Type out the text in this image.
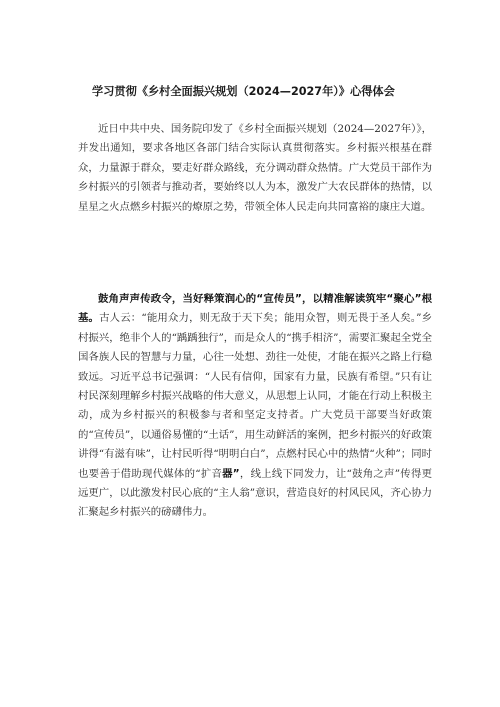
学习贯彻《乡村全面振兴规划（2024—2027年）》心得体会

近日中共中央、国务院印发了《乡村全面振兴规划（2024—2027年）》，并发出通知，要求各地区各部门结合实际认真贯彻落实。乡村振兴根基在群众，力量源于群众，要走好群众路线，充分调动群众热情。广大党员干部作为乡村振兴的引领者与推动者，要始终以人为本，激发广大农民群体的热情，以星星之火点燃乡村振兴的燎原之势，带领全体人民走向共同富裕的康庄大道。

鼓角声声传政令，当好释策润心的“宣传员”，以精准解读筑牢“聚心”根基。古人云：“能用众力，则无敌于天下矣；能用众智，则无畏于圣人矣。”乡村振兴，绝非个人的“踽踽独行”，而是众人的“携手相济”，需要汇聚起全党全国各族人民的智慧与力量，心往一处想、劲往一处使，才能在振兴之路上行稳致远。习近平总书记强调：“人民有信仰，国家有力量，民族有希望。”只有让村民深刻理解乡村振兴战略的伟大意义，从思想上认同，才能在行动上积极主动，成为乡村振兴的积极参与者和坚定支持者。广大党员干部要当好政策的“宣传员”，以通俗易懂的“土话”，用生动鲜活的案例，把乡村振兴的好政策讲得“有滋有味”，让村民听得“明明白白”，点燃村民心中的热情“火种”；同时也要善于借助现代媒体的“扩音器”，线上线下同发力，让“鼓角之声”传得更远更广，以此激发村民心底的“主人翁”意识，营造良好的村风民风，齐心协力汇聚起乡村振兴的磅礴伟力。
